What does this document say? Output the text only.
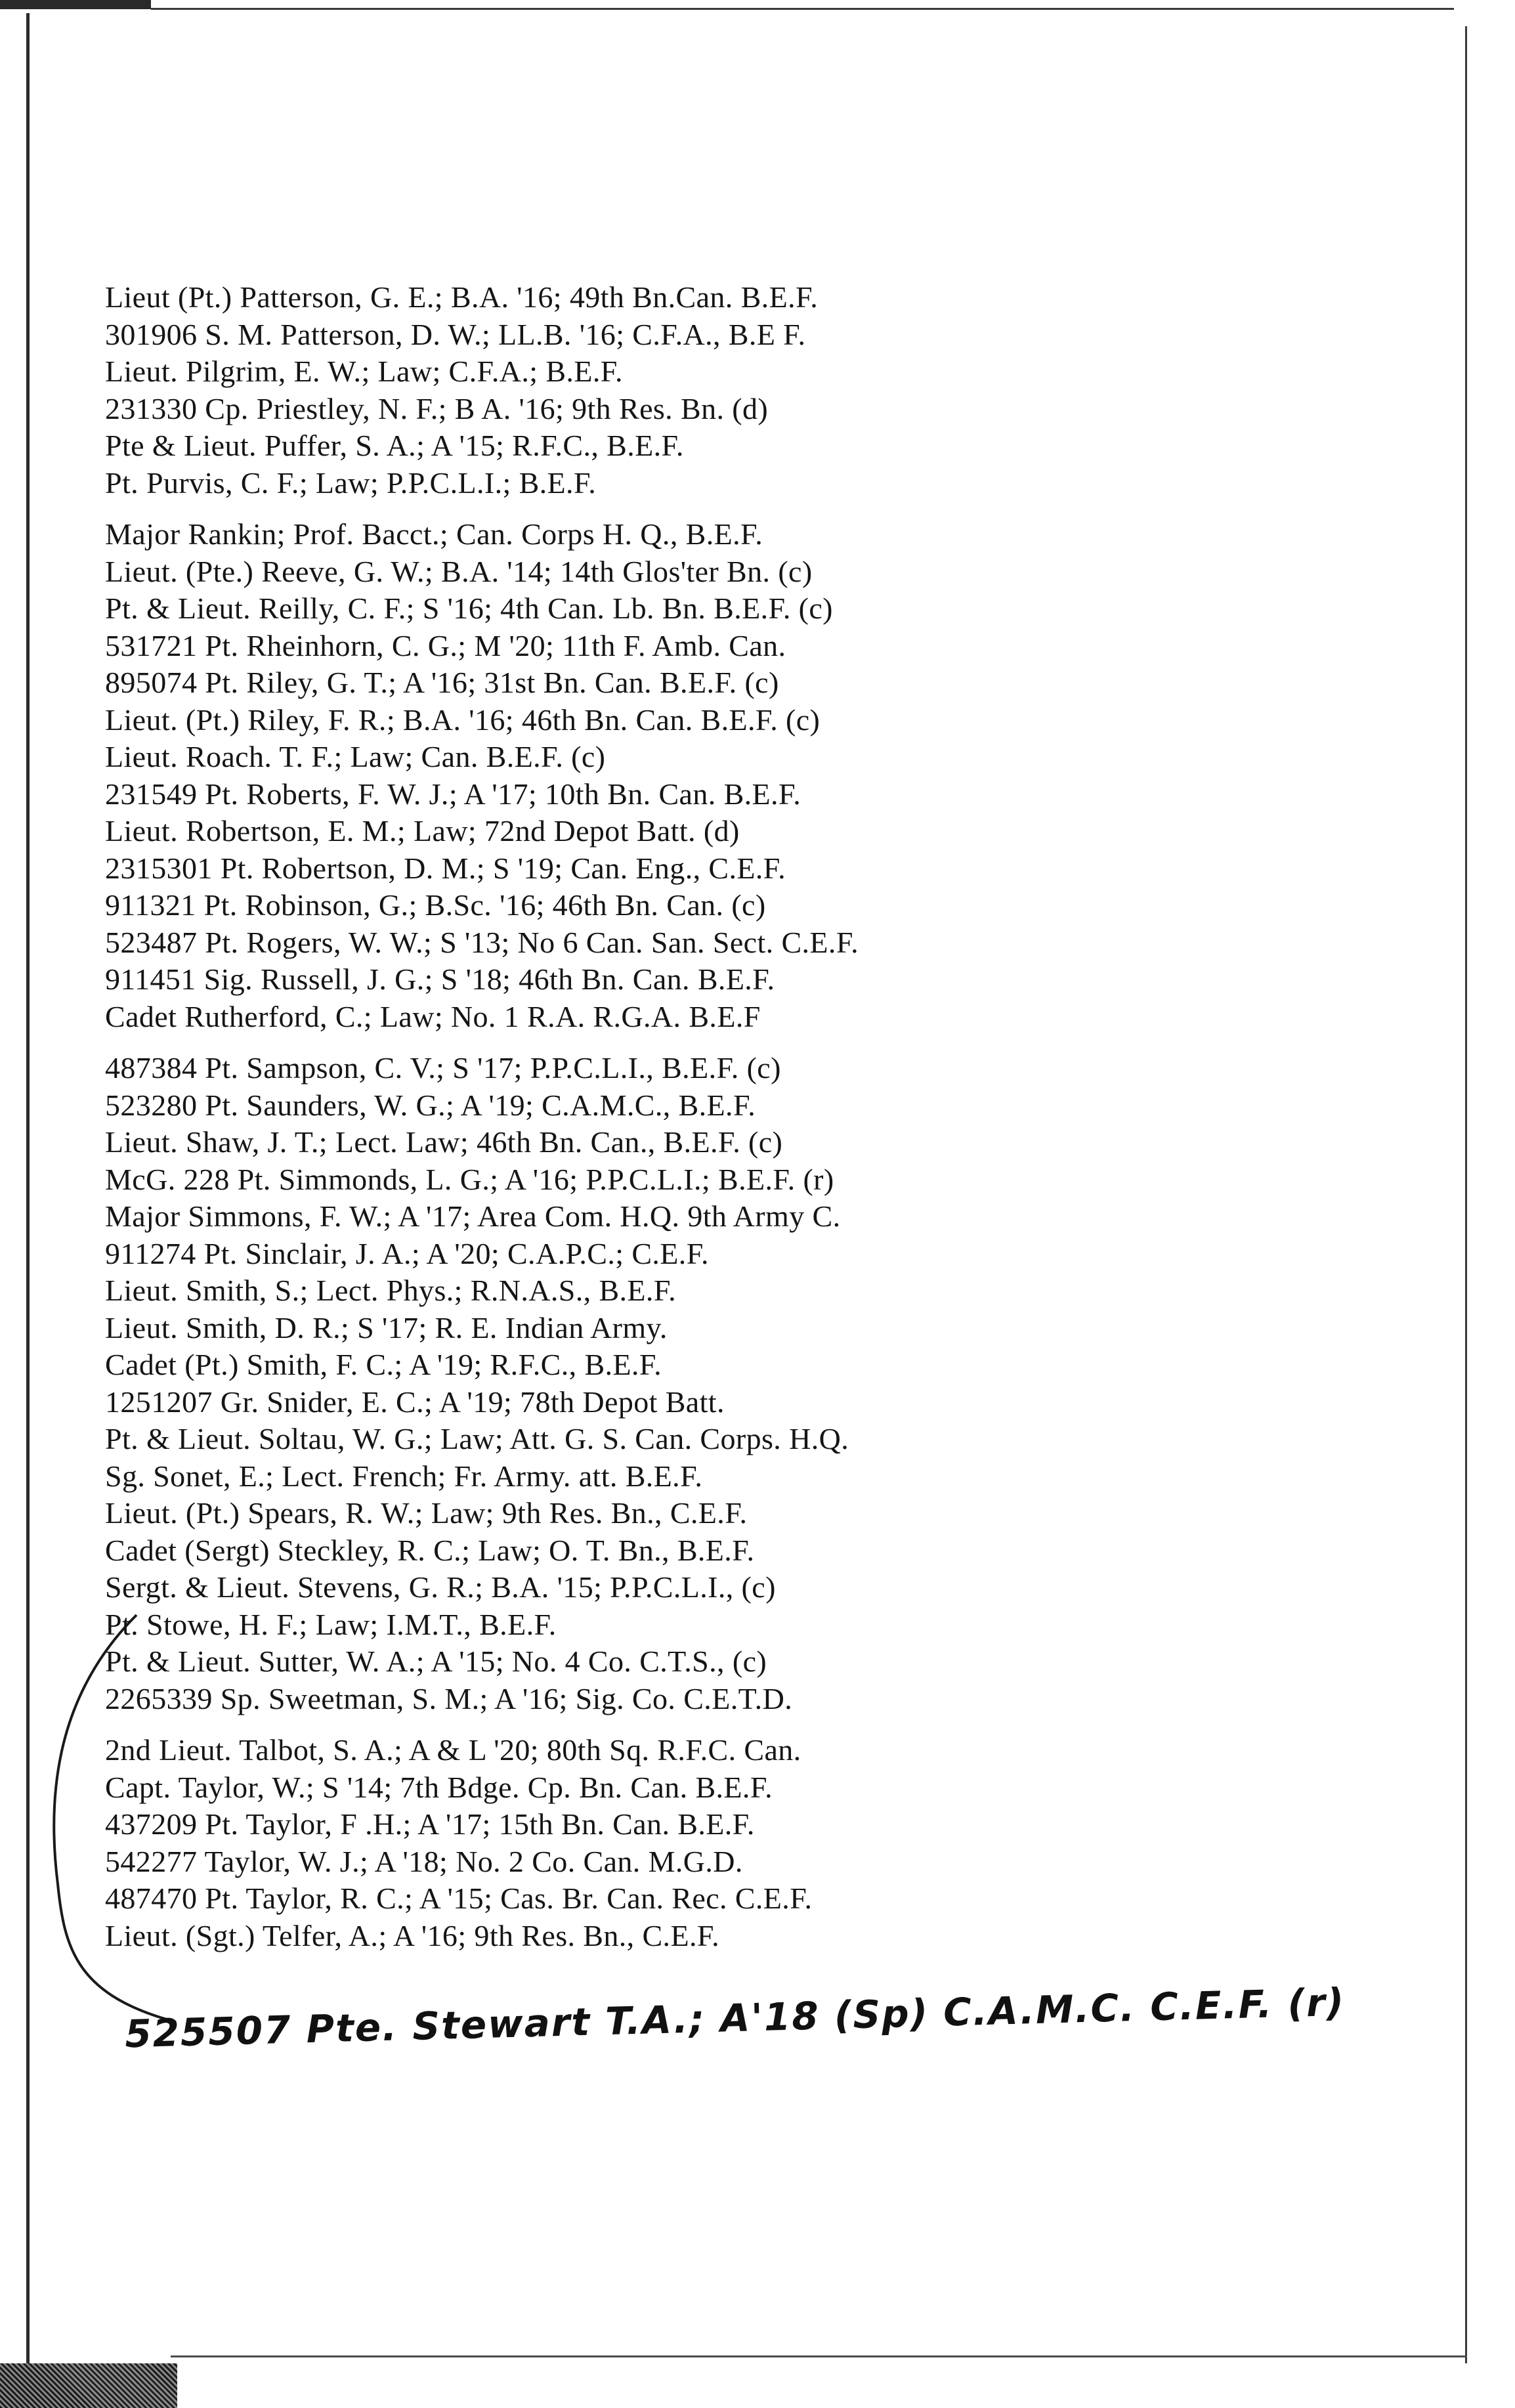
Lieut (Pt.) Patterson, G. E.; B.A. '16; 49th Bn.Can. B.E.F.
301906 S. M. Patterson, D. W.; LL.B. '16; C.F.A., B.E F.
Lieut. Pilgrim, E. W.; Law; C.F.A.; B.E.F.
231330 Cp. Priestley, N. F.; B A. '16; 9th Res. Bn. (d)
Pte & Lieut. Puffer, S. A.; A '15; R.F.C., B.E.F.
Pt. Purvis, C. F.; Law; P.P.C.L.I.; B.E.F.
Major Rankin; Prof. Bacct.; Can. Corps H. Q., B.E.F.
Lieut. (Pte.) Reeve, G. W.; B.A. '14; 14th Glos'ter Bn. (c)
Pt. & Lieut. Reilly, C. F.; S '16; 4th Can. Lb. Bn. B.E.F. (c)
531721 Pt. Rheinhorn, C. G.; M '20; 11th F. Amb. Can.
895074 Pt. Riley, G. T.; A '16; 31st Bn. Can. B.E.F. (c)
Lieut. (Pt.) Riley, F. R.; B.A. '16; 46th Bn. Can. B.E.F. (c)
Lieut. Roach. T. F.; Law; Can. B.E.F. (c)
231549 Pt. Roberts, F. W. J.; A '17; 10th Bn. Can. B.E.F.
Lieut. Robertson, E. M.; Law; 72nd Depot Batt. (d)
2315301 Pt. Robertson, D. M.; S '19; Can. Eng., C.E.F.
911321 Pt. Robinson, G.; B.Sc. '16; 46th Bn. Can. (c)
523487 Pt. Rogers, W. W.; S '13; No 6 Can. San. Sect. C.E.F.
911451 Sig. Russell, J. G.; S '18; 46th Bn. Can. B.E.F.
Cadet Rutherford, C.; Law; No. 1 R.A. R.G.A. B.E.F
487384 Pt. Sampson, C. V.; S '17; P.P.C.L.I., B.E.F. (c)
523280 Pt. Saunders, W. G.; A '19; C.A.M.C., B.E.F.
Lieut. Shaw, J. T.; Lect. Law; 46th Bn. Can., B.E.F. (c)
McG. 228 Pt. Simmonds, L. G.; A '16; P.P.C.L.I.; B.E.F. (r)
Major Simmons, F. W.; A '17; Area Com. H.Q. 9th Army C.
911274 Pt. Sinclair, J. A.; A '20; C.A.P.C.; C.E.F.
Lieut. Smith, S.; Lect. Phys.; R.N.A.S., B.E.F.
Lieut. Smith, D. R.; S '17; R. E. Indian Army.
Cadet (Pt.) Smith, F. C.; A '19; R.F.C., B.E.F.
1251207 Gr. Snider, E. C.; A '19; 78th Depot Batt.
Pt. & Lieut. Soltau, W. G.; Law; Att. G. S. Can. Corps. H.Q.
Sg. Sonet, E.; Lect. French; Fr. Army. att. B.E.F.
Lieut. (Pt.) Spears, R. W.; Law; 9th Res. Bn., C.E.F.
Cadet (Sergt) Steckley, R. C.; Law; O. T. Bn., B.E.F.
Sergt. & Lieut. Stevens, G. R.; B.A. '15; P.P.C.L.I., (c)
Pt. Stowe, H. F.; Law; I.M.T., B.E.F.
Pt. & Lieut. Sutter, W. A.; A '15; No. 4 Co. C.T.S., (c)
2265339 Sp. Sweetman, S. M.; A '16; Sig. Co. C.E.T.D.
2nd Lieut. Talbot, S. A.; A & L '20; 80th Sq. R.F.C. Can.
Capt. Taylor, W.; S '14; 7th Bdge. Cp. Bn. Can. B.E.F.
437209 Pt. Taylor, F .H.; A '17; 15th Bn. Can. B.E.F.
542277 Taylor, W. J.; A '18; No. 2 Co. Can. M.G.D.
487470 Pt. Taylor, R. C.; A '15; Cas. Br. Can. Rec. C.E.F.
Lieut. (Sgt.) Telfer, A.; A '16; 9th Res. Bn., C.E.F.
525507 Pte. Stewart T.A.; A'18 (Sp) C.A.M.C. C.E.F. (r)
